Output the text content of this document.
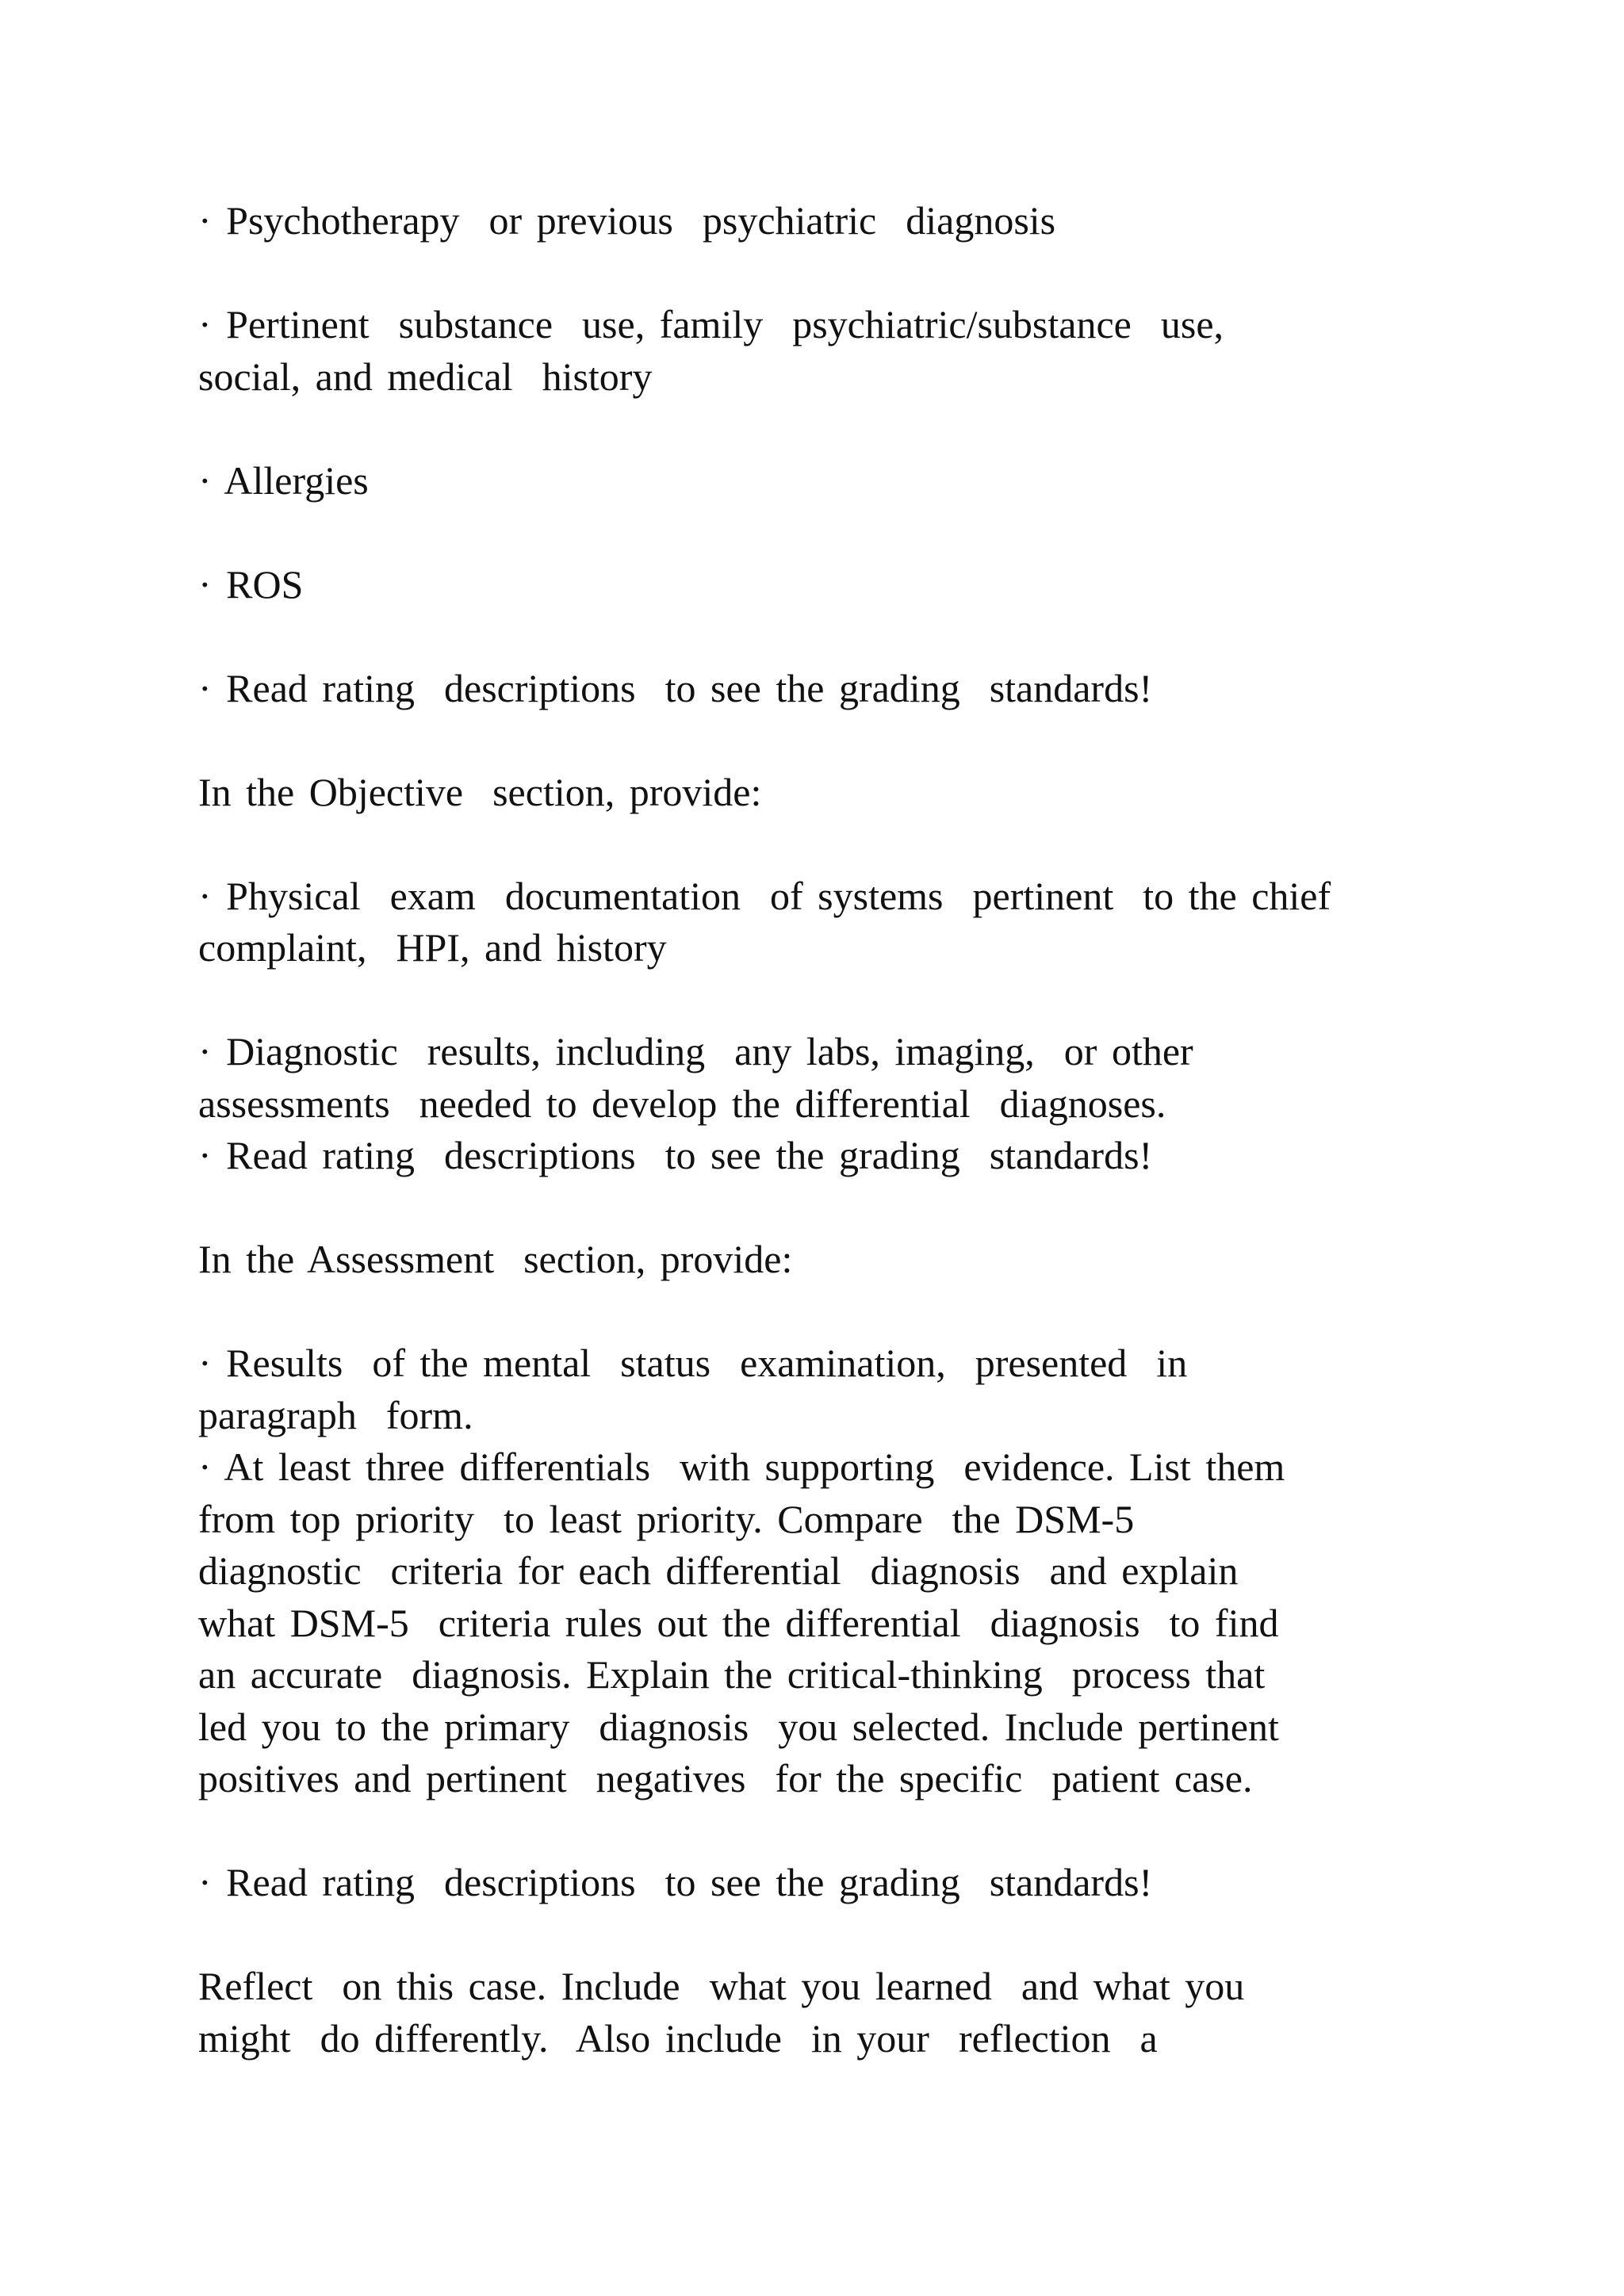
· Psychotherapy  or previous  psychiatric  diagnosis
· Pertinent  substance  use, family  psychiatric/substance  use,
social, and medical  history
· Allergies
· ROS
· Read rating  descriptions  to see the grading  standards!
In the Objective  section, provide:
· Physical  exam  documentation  of systems  pertinent  to the chief
complaint,  HPI, and history
· Diagnostic  results, including  any labs, imaging,  or other
assessments  needed to develop the differential  diagnoses.
· Read rating  descriptions  to see the grading  standards!
In the Assessment  section, provide:
· Results  of the mental  status  examination,  presented  in
paragraph  form.
· At least three differentials  with supporting  evidence. List them
from top priority  to least priority. Compare  the DSM-5
diagnostic  criteria for each differential  diagnosis  and explain
what DSM-5  criteria rules out the differential  diagnosis  to find
an accurate  diagnosis. Explain the critical-thinking  process that
led you to the primary  diagnosis  you selected. Include pertinent
positives and pertinent  negatives  for the specific  patient case.
· Read rating  descriptions  to see the grading  standards!
Reflect  on this case. Include  what you learned  and what you
might  do differently.  Also include  in your  reflection  a
